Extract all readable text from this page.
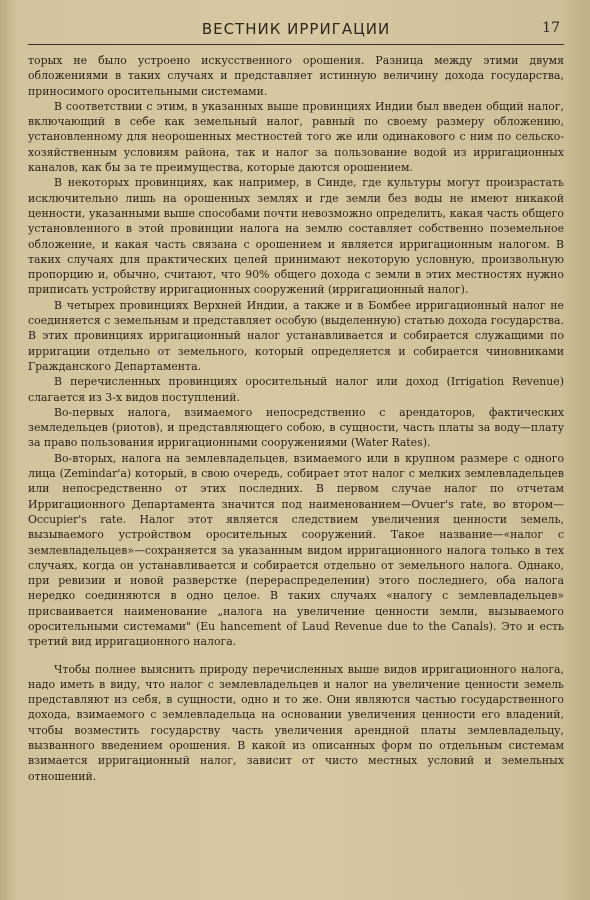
ВЕСТНИК ИРРИГАЦИИ	17

торых не было устроено искусственного орошения. Разница между этими двумя обложениями в таких случаях и представляет истинную величину дохода государства, приносимого оросительными системами.

В соответствии с этим, в указанных выше провинциях Индии был введен общий налог, включающий в себе как земельный налог, равный по своему размеру обложению, установленному для неорошенных местностей того же или одинакового с ним по сельско-хозяйственным условиям района, так и налог за пользование водой из ирригационных каналов, как бы за те преимущества, которые даются орошением.

В некоторых провинциях, как например, в Синде, где культуры могут произрастать исключительно лишь на орошенных землях и где земли без воды не имеют никакой ценности, указанными выше способами почти невозможно определить, какая часть общего установленного в этой провинции налога на землю составляет собственно поземельное обложение, и какая часть связана с орошением и является ирригационным налогом. В таких случаях для практических целей принимают некоторую условную, произвольную пропорцию и, обычно, считают, что 90% общего дохода с земли в этих местностях нужно приписать устройству ирригационных сооружений (ирригационный налог).

В четырех провинциях Верхней Индии, а также и в Бомбее ирригационный налог не соединяется с земельным и представляет особую (выделенную) статью дохода государства. В этих провинциях ирригационный налог устанавливается и собирается служащими по ирригации отдельно от земельного, который определяется и собирается чиновниками Гражданского Департамента.

В перечисленных провинциях оросительный налог или доход (Irrigation Revenue) слагается из 3-х видов поступлений.

Во-первых налога, взимаемого непосредственно с арендаторов, фактических земледельцев (риотов), и представляющего собою, в сущности, часть платы за воду—плату за право пользования ирригационными сооружениями (Water Rates).

Во-вторых, налога на землевладельцев, взимаемого или в крупном размере с одного лица (Zemindar'а) который, в свою очередь, собирает этот налог с мелких землевладельцев или непосредственно от этих последних. В первом случае налог по отчетам Ирригационного Департамента значится под наименованием—Ovuer's rate, во втором—Occupier's rate. Налог этот является следствием увеличения ценности земель, вызываемого устройством оросительных сооружений. Такое название—«налог с землевладельцев»—сохраняется за указанным видом ирригационного налога только в тех случаях, когда он устанавливается и собирается отдельно от земельного налога. Однако, при ревизии и новой разверстке (перераспределении) этого последнего, оба налога нередко соединяются в одно целое. В таких случаях «налогу с землевладельцев» присваивается наименование „налога на увеличение ценности земли, вызываемого оросительными системами" (Eu hancement of Laud Revenue due to the Canals). Это и есть третий вид ирригационного налога.

Чтобы полнее выяснить природу перечисленных выше видов ирригационного налога, надо иметь в виду, что налог с землевладельцев и налог на увеличение ценности земель представляют из себя, в сущности, одно и то же. Они являются частью государственного дохода, взимаемого с землевладельца на основании увеличения ценности его владений, чтобы возместить государству часть увеличения арендной платы землевладельцу, вызванного введением орошения. В какой из описанных форм по отдельным системам взимается ирригационный налог, зависит от чисто местных условий и земельных отношений.
